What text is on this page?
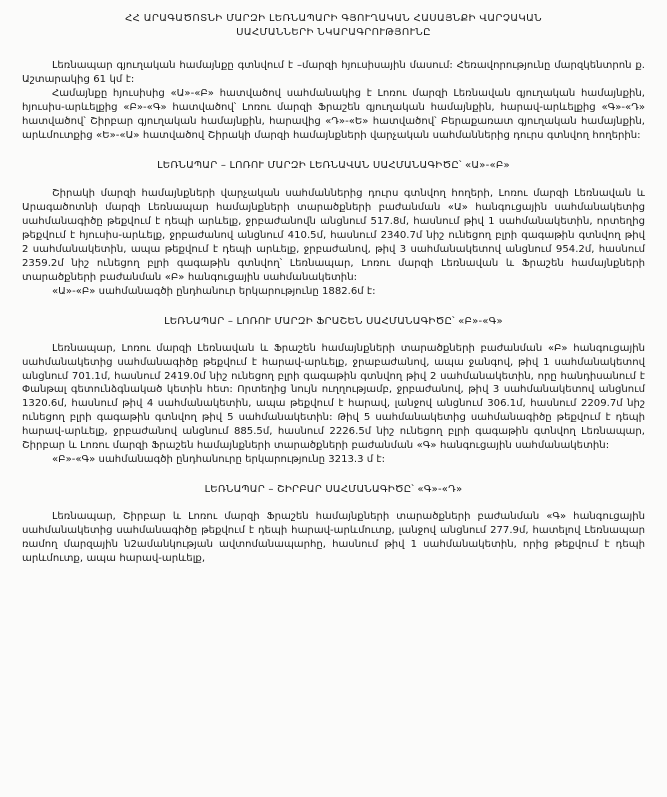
ՀՀ ԱՐԱԳԱԾՈՏՆԻ ՄԱՐԶԻ ԼԵՌՆԱՊԱՐԻ ԳՅՈՒՂԱԿԱՆ ՀԱՍԱՅՆՔԻ ՎԱՐՉԱԿԱՆ
ՍԱՀՄԱՆՆԵՐԻ ՆԿԱՐԱԳՐՈՒԹՅՈՒՆԸ

Լեռնապար գյուղական համայնքը գտնվում է –մարզի հյուսիսային մասում: Հեռավորությունը մարզկենտրոն ք. Աշտարակից 61 կմ է:

Համայնքը հյուսիսից «Ա»-«Բ» հատվածով սահմանակից է Լոռու մարզի Լեռնավան գյուղական համայնքին, հյուսիս-արևելքից «Բ»-«Գ» հատվածով՝ Լոռու մարզի Ֆրաշեն գյուղական համայնքին, հարավ-արևելքից «Գ»-«Դ» հատվածով՝ Շիրբար գյուղական համայնքին, հարավից «Դ»-«Ե» հատվածով՝ Բերաքառատ գյուղական համայնքին, արևմուտքից «Ե»-«Ա» հատվածով Շիրակի մարզի համայնքների վարչական սահմաններից դուրս գտնվող հողերին:

ԼԵՌՆԱՊԱՐ – ԼՈՌՈՒ ՄԱՐԶԻ ԼԵՌՆԱՎԱՆ ՍԱՀՄԱՆԱԳԻԾԸ՝ «Ա»-«Բ»

Շիրակի մարզի համայնքների վարչական սահմաններից դուրս գտնվող հողերի, Լոռու մարզի Լեռնավան և Արագածոտնի մարզի Լեռնապար համայնքների տարածքների բաժանման «Ա» հանգուցային սահմանակետից սահմանագիծը թեքվում է դեպի արևելք, ջրբաժանովն անցնում 517.8մ, հասնում թիվ 1 սահմանակետին, որտեղից թեքվում է հյուսիս-արևելք, ջրբաժանով անցնում 410.5մ, հասնում 2340.7մ նիշ ունեցող բլրի գագաթին գտնվող թիվ 2 սահմանակետին, ապա թեքվում է դեպի արևելք, ջրբաժանով, թիվ 3 սահմանակետով անցնում 954.2մ, հասնում 2359.2մ նիշ ունեցող բլրի գագաթին գտնվող՝ Լեռնապար, Լոռու մարզի Լեռնավան և Ֆրաշեն համայնքների տարածքների բաժանման «Բ» հանգուցային սահմանակետին:

«Ա»-«Բ» սահմանագծի ընդհանուր երկարությունը 1882.6մ է:

ԼԵՌՆԱՊԱՐ – ԼՈՌՈՒ ՄԱՐԶԻ ՖՐԱՇԵՆ ՍԱՀՄԱՆԱԳԻԾԸ՝ «Բ»-«Գ»

Լեռնապար, Լոռու մարզի Լեռնավան և Ֆրաշեն համայնքների տարածքների բաժանման «Բ» հանգուցային սահմանակետից սահմանագիծը թեքվում է հարավ-արևելք, ջրաբաժանով, ապա ջանգով, թիվ 1 սահմանակետով անցնում 701.1մ, հասնում 2419.0մ նիշ ունեցող բլրի գագաթին գտնվող թիվ 2 սահմանակետին, որը հանդիսանում է Փանթալ գետունձգնակած կետին հետ: Որտեղից նույն ուղղությամբ, ջրբաժանով, թիվ 3 սահմանակետով անցնում 1320.6մ, հասնում թիվ 4 սահմանակետին, ապա թեքվում է հարավ, լանջով անցնում 306.1մ, հասնում 2209.7մ նիշ ունեցող բլրի գագաթին գտնվող թիվ 5 սահմանակետին: Թիվ 5 սահմանակետից սահմանագիծը թեքվում է դեպի հարավ-արևելք, ջրբաժանով անցնում 885.5մ, հասնում 2226.5մ նիշ ունեցող բլրի գագաթին գտնվող Լեռնապար, Շիրբար և Լոռու մարզի Ֆրաշեն համայնքների տարածքների բաժանման «Գ» հանգուցային սահմանակետին:

«Բ»-«Գ» սահմանագծի ընդհանուրը երկարությունը 3213.3 մ է:

ԼԵՌՆԱՊԱՐ – ՇԻՐԲԱՐ ՍԱՀՄԱՆԱԳԻԾԸ՝ «Գ»-«Դ»

Լեռնապար, Շիրբար և Լոռու մարզի Ֆրաշեն համայնքների տարածքների բաժանման «Գ» հանգուցային սահմանակետից սահմանագիծը թեքվում է դեպի հարավ-արևմուտք, լանջով անցնում 277.9մ, հատելով Լեռնապար ռամող մարզային ն2ամանկության ավտոմանապարհը, հասնում թիվ 1 սահմանակետին, որից թեքվում է դեպի արևմուտք, ապա հարավ-արևելք,
